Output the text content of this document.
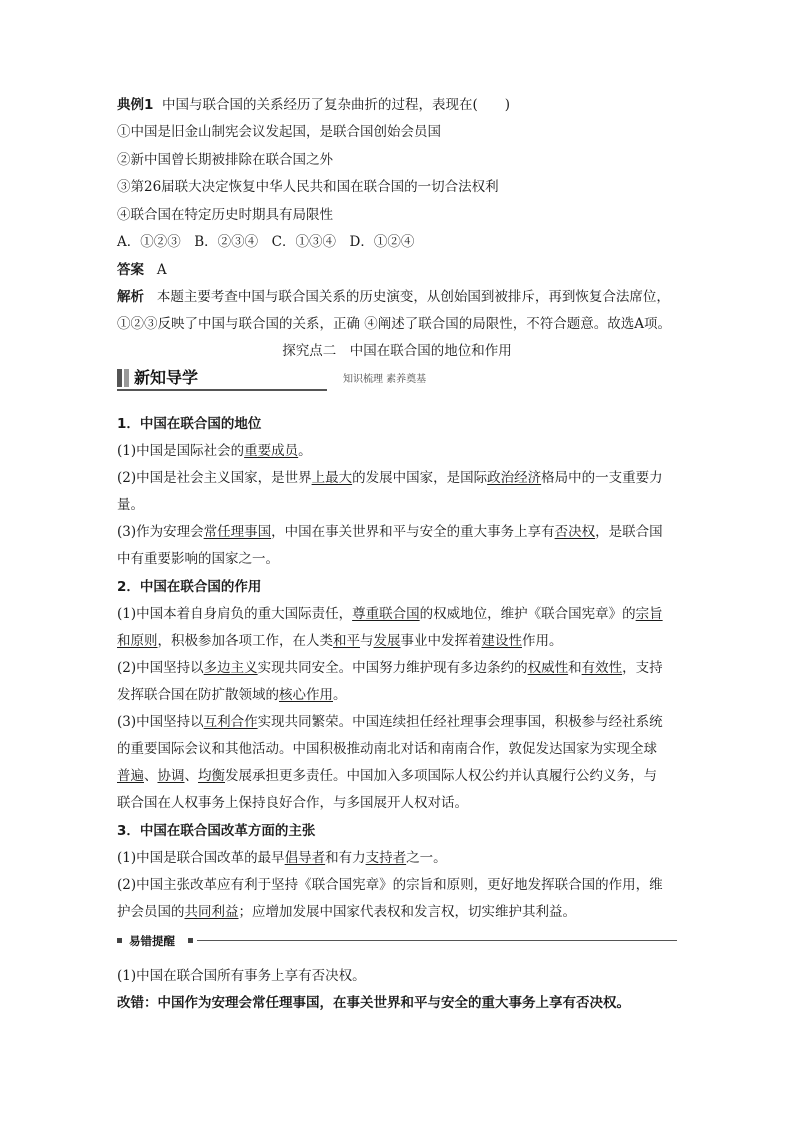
典例1 中国与联合国的关系经历了复杂曲折的过程，表现在(　　)
①中国是旧金山制宪会议发起国，是联合国创始会员国
②新中国曾长期被排除在联合国之外
③第26届联大决定恢复中华人民共和国在联合国的一切合法权利
④联合国在特定历史时期具有局限性
A．①②③　B．②③④　C．①③④　D．①②④
答案 A
解析 本题主要考查中国与联合国关系的历史演变，从创始国到被排斥，再到恢复合法席位，
①②③反映了中国与联合国的关系，正确 ④阐述了联合国的局限性，不符合题意。故选A项。
探究点二　中国在联合国的地位和作用
新知导学	知识梳理 素养奠基
1．中国在联合国的地位
(1)中国是国际社会的重要成员。
(2)中国是社会主义国家，是世界上最大的发展中国家，是国际政治经济格局中的一支重要力
量。
(3)作为安理会常任理事国，中国在事关世界和平与安全的重大事务上享有否决权，是联合国
中有重要影响的国家之一。
2．中国在联合国的作用
(1)中国本着自身肩负的重大国际责任，尊重联合国的权威地位，维护《联合国宪章》的宗旨
和原则，积极参加各项工作，在人类和平与发展事业中发挥着建设性作用。
(2)中国坚持以多边主义实现共同安全。中国努力维护现有多边条约的权威性和有效性，支持
发挥联合国在防扩散领域的核心作用。
(3)中国坚持以互利合作实现共同繁荣。中国连续担任经社理事会理事国，积极参与经社系统
的重要国际会议和其他活动。中国积极推动南北对话和南南合作，敦促发达国家为实现全球
普遍、协调、均衡发展承担更多责任。中国加入多项国际人权公约并认真履行公约义务，与
联合国在人权事务上保持良好合作，与多国展开人权对话。
3．中国在联合国改革方面的主张
(1)中国是联合国改革的最早倡导者和有力支持者之一。
(2)中国主张改革应有利于坚持《联合国宪章》的宗旨和原则，更好地发挥联合国的作用，维
护会员国的共同利益；应增加发展中国家代表权和发言权，切实维护其利益。
易错提醒
(1)中国在联合国所有事务上享有否决权。
改错：中国作为安理会常任理事国，在事关世界和平与安全的重大事务上享有否决权。
